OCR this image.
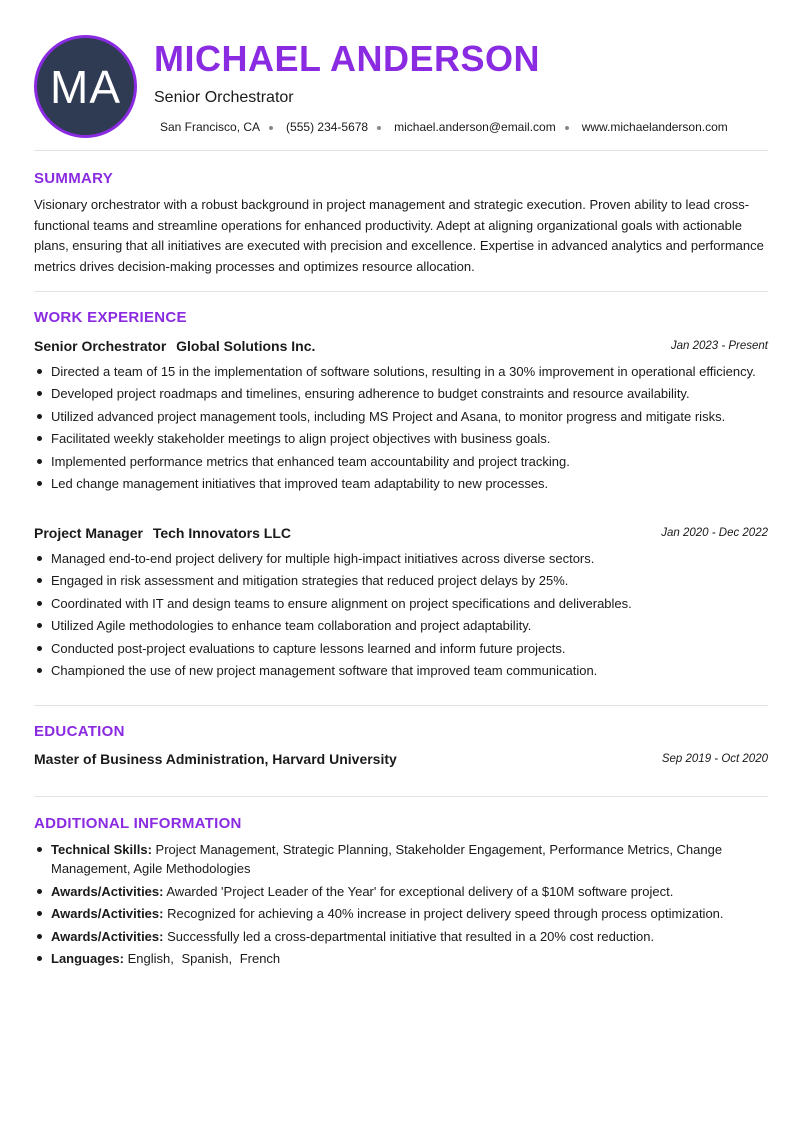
MA
MICHAEL ANDERSON
Senior Orchestrator
San Francisco, CA (555) 234-5678 michael.anderson@email.com www.michaelanderson.com
SUMMARY
Visionary orchestrator with a robust background in project management and strategic execution. Proven ability to lead cross-functional teams and streamline operations for enhanced productivity. Adept at aligning organizational goals with actionable plans, ensuring that all initiatives are executed with precision and excellence. Expertise in advanced analytics and performance metrics drives decision-making processes and optimizes resource allocation.
WORK EXPERIENCE
Senior Orchestrator Global Solutions Inc.	Jan 2023 - Present
Directed a team of 15 in the implementation of software solutions, resulting in a 30% improvement in operational efficiency.
Developed project roadmaps and timelines, ensuring adherence to budget constraints and resource availability.
Utilized advanced project management tools, including MS Project and Asana, to monitor progress and mitigate risks.
Facilitated weekly stakeholder meetings to align project objectives with business goals.
Implemented performance metrics that enhanced team accountability and project tracking.
Led change management initiatives that improved team adaptability to new processes.
Project Manager Tech Innovators LLC	Jan 2020 - Dec 2022
Managed end-to-end project delivery for multiple high-impact initiatives across diverse sectors.
Engaged in risk assessment and mitigation strategies that reduced project delays by 25%.
Coordinated with IT and design teams to ensure alignment on project specifications and deliverables.
Utilized Agile methodologies to enhance team collaboration and project adaptability.
Conducted post-project evaluations to capture lessons learned and inform future projects.
Championed the use of new project management software that improved team communication.
EDUCATION
Master of Business Administration, Harvard University	Sep 2019 - Oct 2020
ADDITIONAL INFORMATION
Technical Skills: Project Management, Strategic Planning, Stakeholder Engagement, Performance Metrics, Change Management, Agile Methodologies
Awards/Activities: Awarded 'Project Leader of the Year' for exceptional delivery of a $10M software project.
Awards/Activities: Recognized for achieving a 40% increase in project delivery speed through process optimization.
Awards/Activities: Successfully led a cross-departmental initiative that resulted in a 20% cost reduction.
Languages: English, Spanish, French
